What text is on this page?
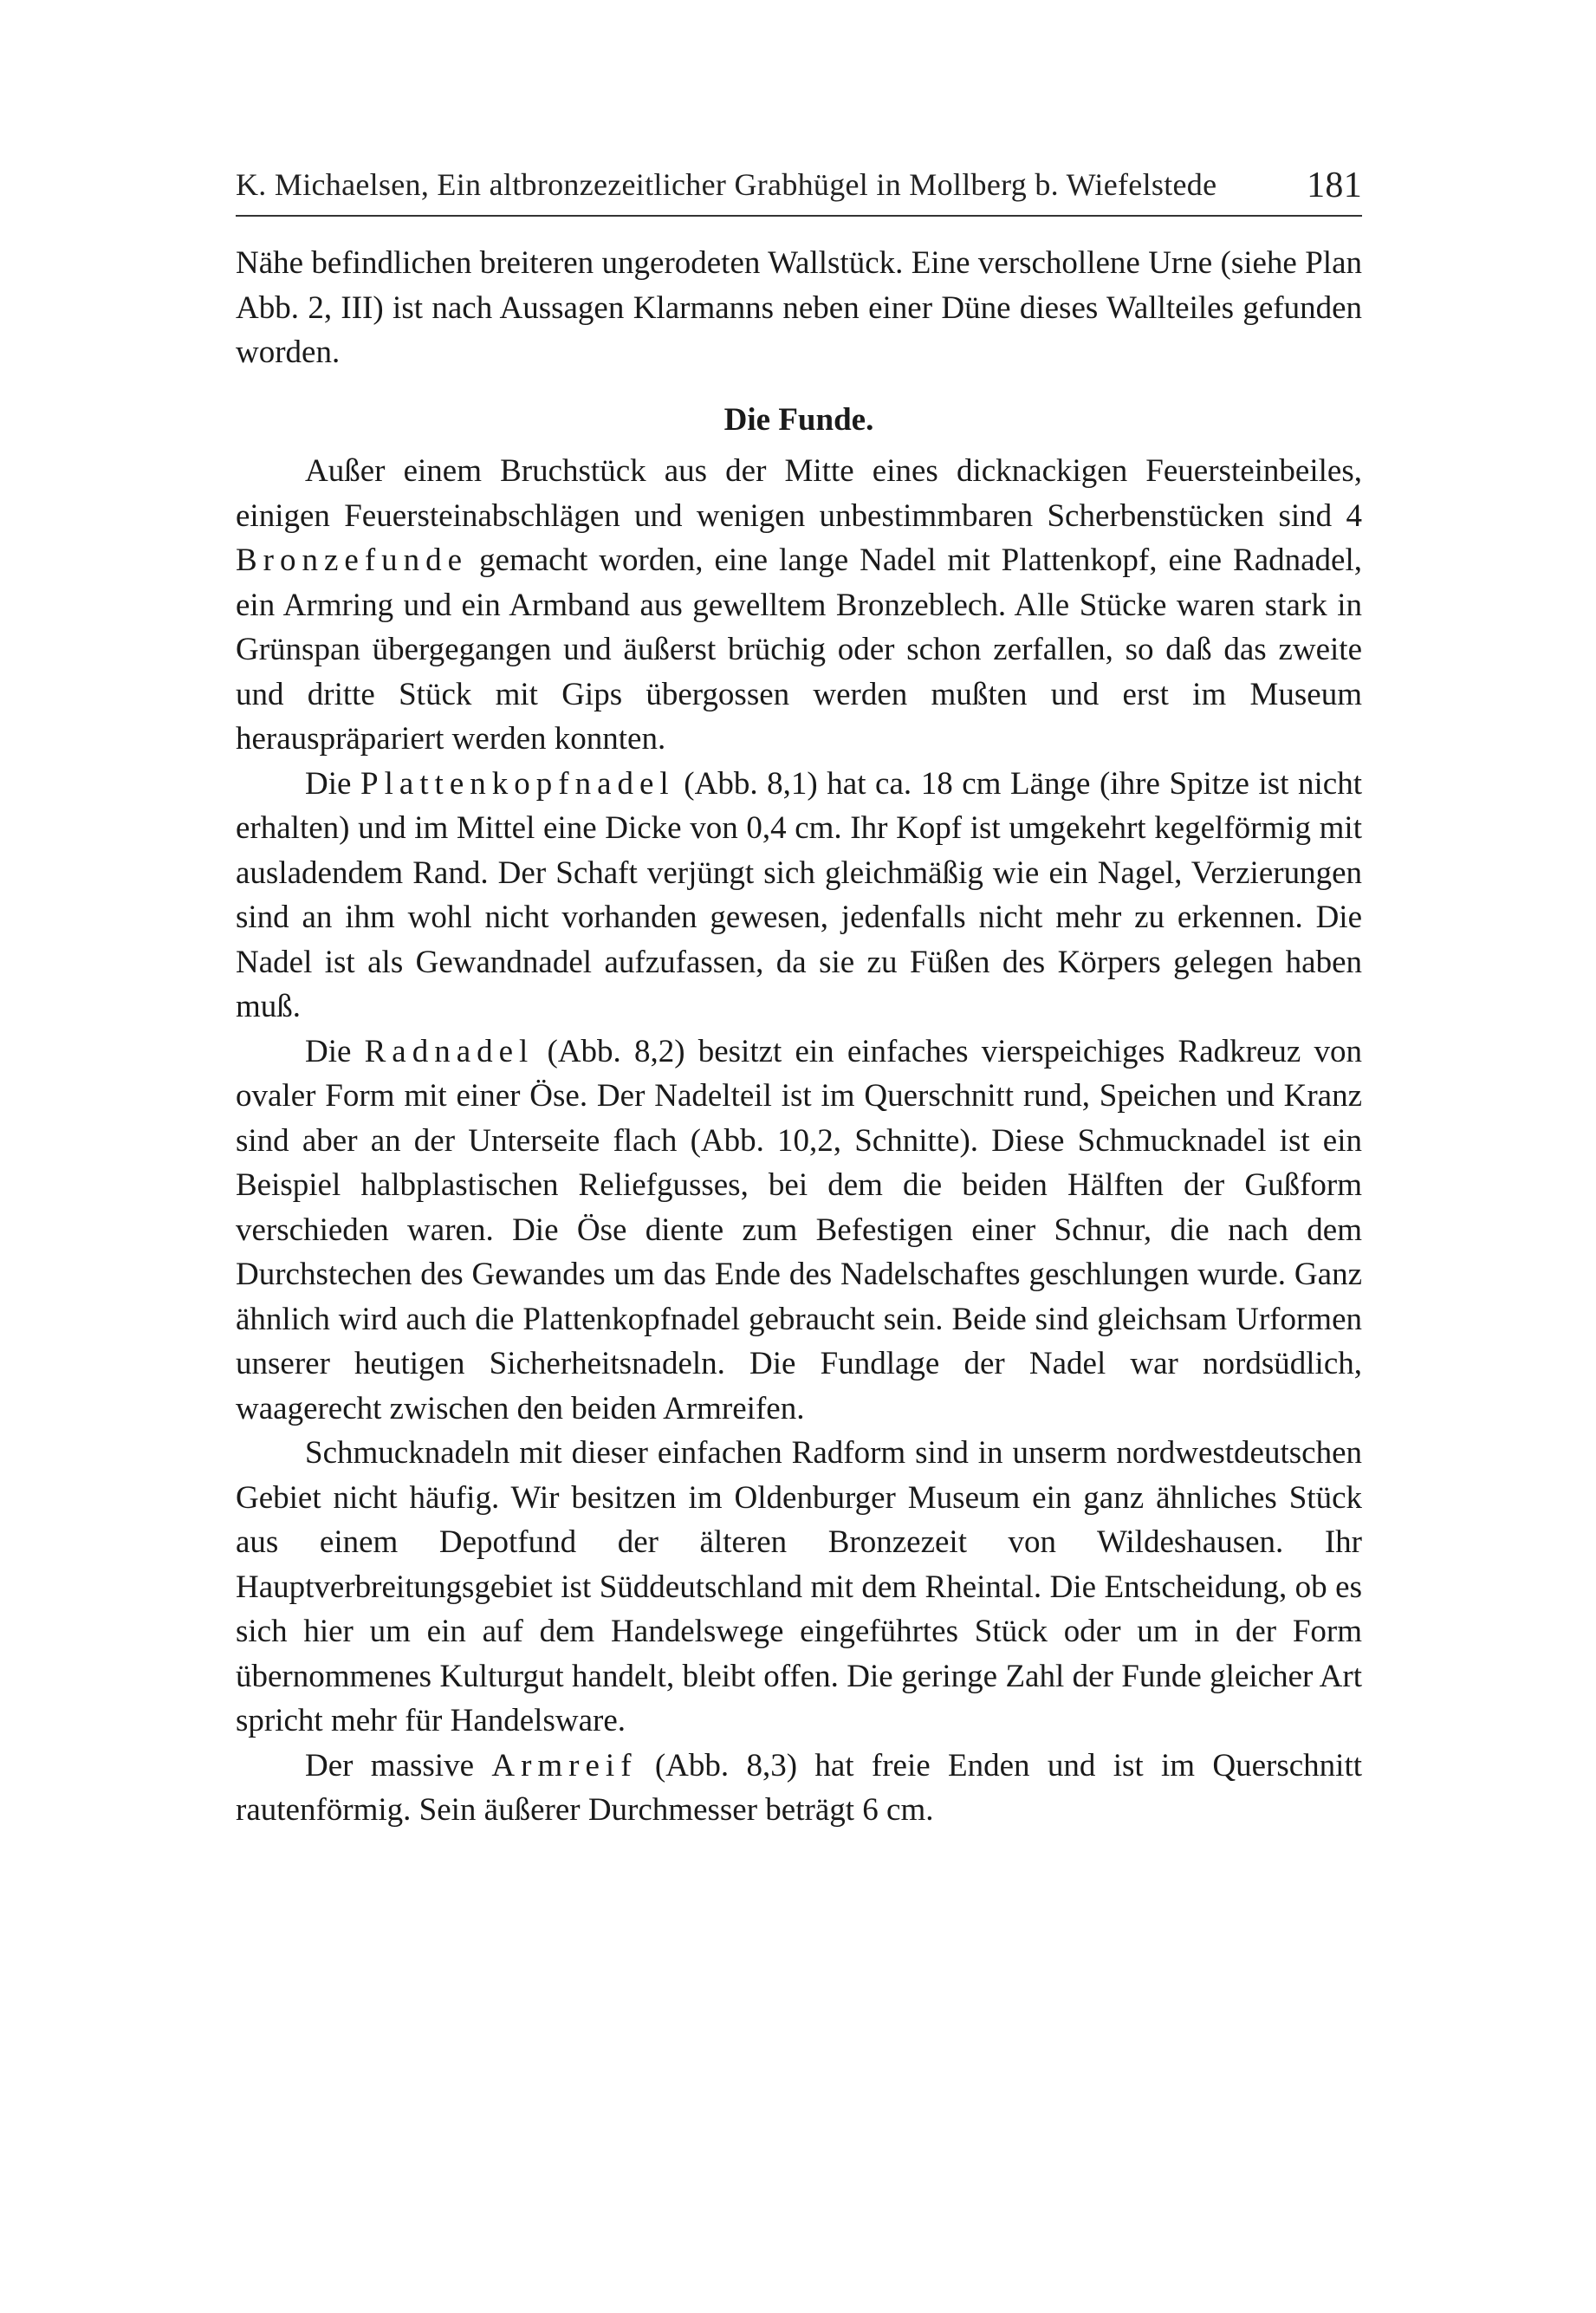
K. Michaelsen, Ein altbronzezeitlicher Grabhügel in Mollberg b. Wiefelstede 181

Nähe befindlichen breiteren ungerodeten Wallstück. Eine verschollene Urne (siehe Plan Abb. 2, III) ist nach Aussagen Klarmanns neben einer Düne dieses Wallteiles gefunden worden.

Die Funde.

Außer einem Bruchstück aus der Mitte eines dicknackigen Feuersteinbeiles, einigen Feuersteinabschlägen und wenigen unbestimmbaren Scherbenstücken sind 4 Bronzefunde gemacht worden, eine lange Nadel mit Plattenkopf, eine Radnadel, ein Armring und ein Armband aus gewelltem Bronzeblech. Alle Stücke waren stark in Grünspan übergegangen und äußerst brüchig oder schon zerfallen, so daß das zweite und dritte Stück mit Gips übergossen werden mußten und erst im Museum herauspräpariert werden konnten.

Die Plattenkopfnadel (Abb. 8,1) hat ca. 18 cm Länge (ihre Spitze ist nicht erhalten) und im Mittel eine Dicke von 0,4 cm. Ihr Kopf ist umgekehrt kegelförmig mit ausladendem Rand. Der Schaft verjüngt sich gleichmäßig wie ein Nagel, Verzierungen sind an ihm wohl nicht vorhanden gewesen, jedenfalls nicht mehr zu erkennen. Die Nadel ist als Gewandnadel aufzufassen, da sie zu Füßen des Körpers gelegen haben muß.

Die Radnadel (Abb. 8,2) besitzt ein einfaches vierspeichiges Radkreuz von ovaler Form mit einer Öse. Der Nadelteil ist im Querschnitt rund, Speichen und Kranz sind aber an der Unterseite flach (Abb. 10,2, Schnitte). Diese Schmucknadel ist ein Beispiel halbplastischen Reliefgusses, bei dem die beiden Hälften der Gußform verschieden waren. Die Öse diente zum Befestigen einer Schnur, die nach dem Durchstechen des Gewandes um das Ende des Nadelschaftes geschlungen wurde. Ganz ähnlich wird auch die Plattenkopfnadel gebraucht sein. Beide sind gleichsam Urformen unserer heutigen Sicherheitsnadeln. Die Fundlage der Nadel war nordsüdlich, waagerecht zwischen den beiden Armreifen.

Schmucknadeln mit dieser einfachen Radform sind in unserm nordwestdeutschen Gebiet nicht häufig. Wir besitzen im Oldenburger Museum ein ganz ähnliches Stück aus einem Depotfund der älteren Bronzezeit von Wildeshausen. Ihr Hauptverbreitungsgebiet ist Süddeutschland mit dem Rheintal. Die Entscheidung, ob es sich hier um ein auf dem Handelswege eingeführtes Stück oder um in der Form übernommenes Kulturgut handelt, bleibt offen. Die geringe Zahl der Funde gleicher Art spricht mehr für Handelsware.

Der massive Armreif (Abb. 8,3) hat freie Enden und ist im Querschnitt rautenförmig. Sein äußerer Durchmesser beträgt 6 cm.
